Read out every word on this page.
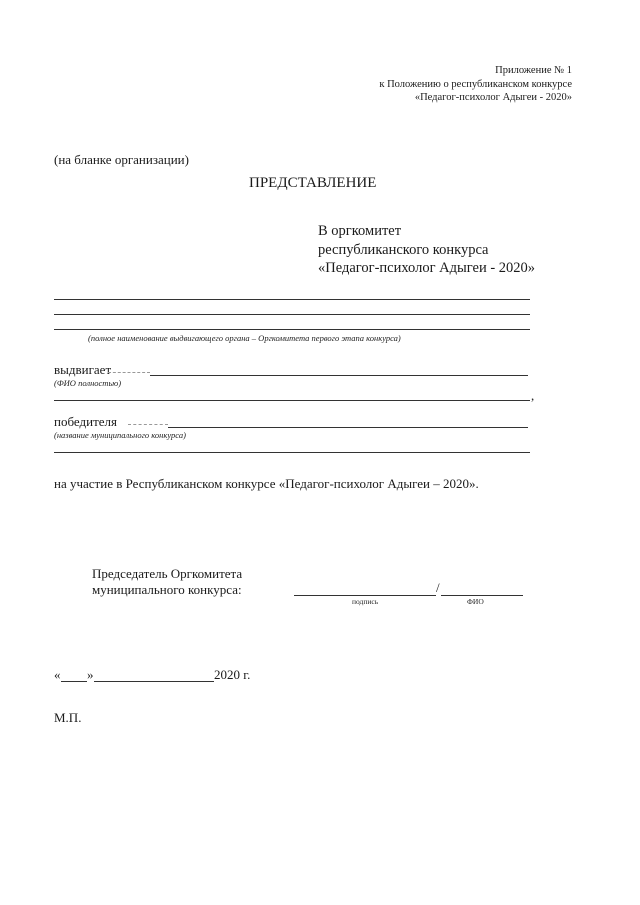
Приложение № 1
к Положению о республиканском конкурсе
«Педагог-психолог Адыгеи - 2020»
(на бланке организации)
ПРЕДСТАВЛЕНИЕ
В оргкомитет
республиканского конкурса
«Педагог-психолог Адыгеи - 2020»
(полное наименование выдвигающего органа – Оргкомитета первого этапа конкурса)
выдвигает
(ФИО полностью)
,
победителя
(название муниципального конкурса)
на участие в Республиканском конкурсе «Педагог-психолог Адыгеи – 2020».
Председатель Оргкомитета
муниципального конкурса:	/
подпись	ФИО
« »	2020 г.
М.П.
